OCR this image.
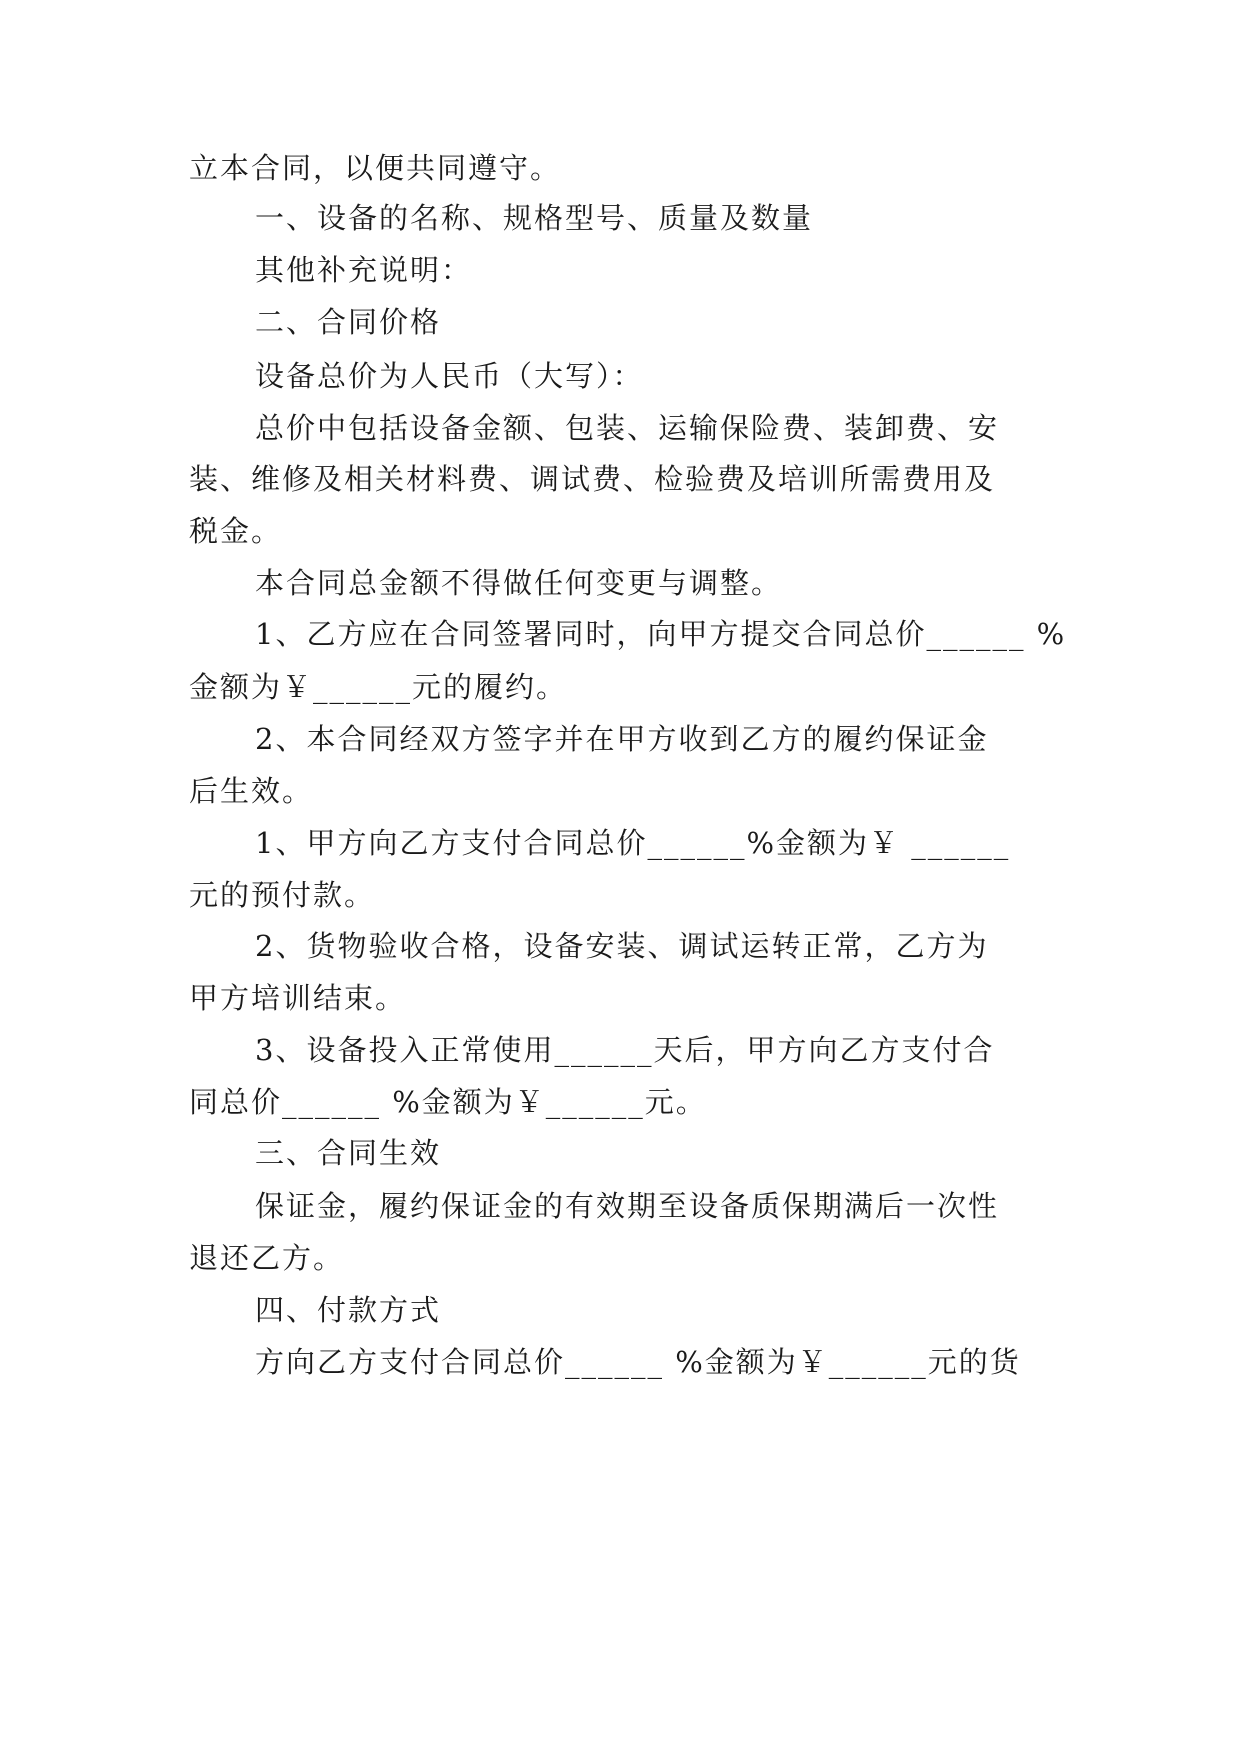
立本合同，以便共同遵守。

一、设备的名称、规格型号、质量及数量

其他补充说明：

二、合同价格

设备总价为人民币（大写）：

总价中包括设备金额、包装、运输保险费、装卸费、安

装、维修及相关材料费、调试费、检验费及培训所需费用及

税金。

本合同总金额不得做任何变更与调整。

1、乙方应在合同签署同时，向甲方提交合同总价______ %

金额为￥______元的履约。

2、本合同经双方签字并在甲方收到乙方的履约保证金

后生效。

1、甲方向乙方支付合同总价______%金额为￥ ______

元的预付款。

2、货物验收合格，设备安装、调试运转正常，乙方为

甲方培训结束。

3、设备投入正常使用______天后，甲方向乙方支付合

同总价______ %金额为￥______元。

三、合同生效

保证金，履约保证金的有效期至设备质保期满后一次性

退还乙方。

四、付款方式

方向乙方支付合同总价______ %金额为￥______元的货
